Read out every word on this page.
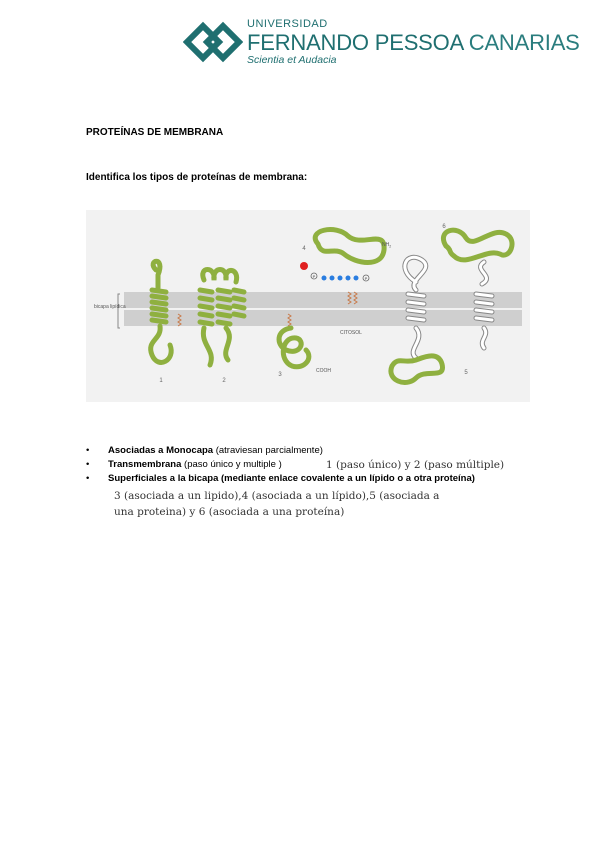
UNIVERSIDAD
FERNANDO PESSOA CANARIAS
Scientia et Audacia
PROTEÍNAS DE MEMBRANA
Identifica los tipos de proteínas de membrana:
bicapa lipídica
1	2
3
COOH
P	P
4
$NH_2$
CITOSOL
5
6
• Asociadas a Monocapa (atraviesan parcialmente)
• Transmembrana (paso único y multiple )
• Superficiales a la bicapa (mediante enlace covalente a un lípido o a otra proteína)
1 (paso único) y 2 (paso múltiple)
3 (asociada a un lipido),4 (asociada a un lípido),5 (asociada a una proteina) y 6 (asociada a una proteína)
